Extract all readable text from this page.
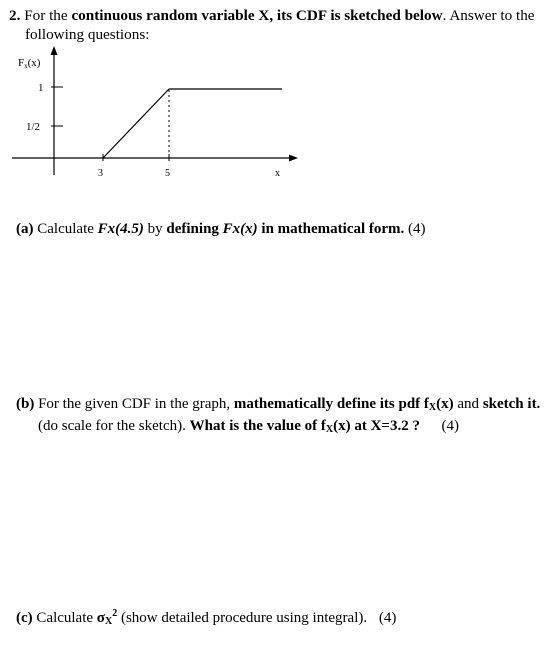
2. For the continuous random variable X, its CDF is sketched below. Answer to the
following questions:
Fx(x)
1
1/2
3	5	x
(a) Calculate Fx(4.5) by defining Fx(x) in mathematical form. (4)
(b) For the given CDF in the graph, mathematically define its pdf $f_X(x)$ and sketch it.
(do scale for the sketch). What is the value of $f_X(x)$ at X=3.2 ? (4)
(c) Calculate $\sigma_X^2$ (show detailed procedure using integral). (4)
